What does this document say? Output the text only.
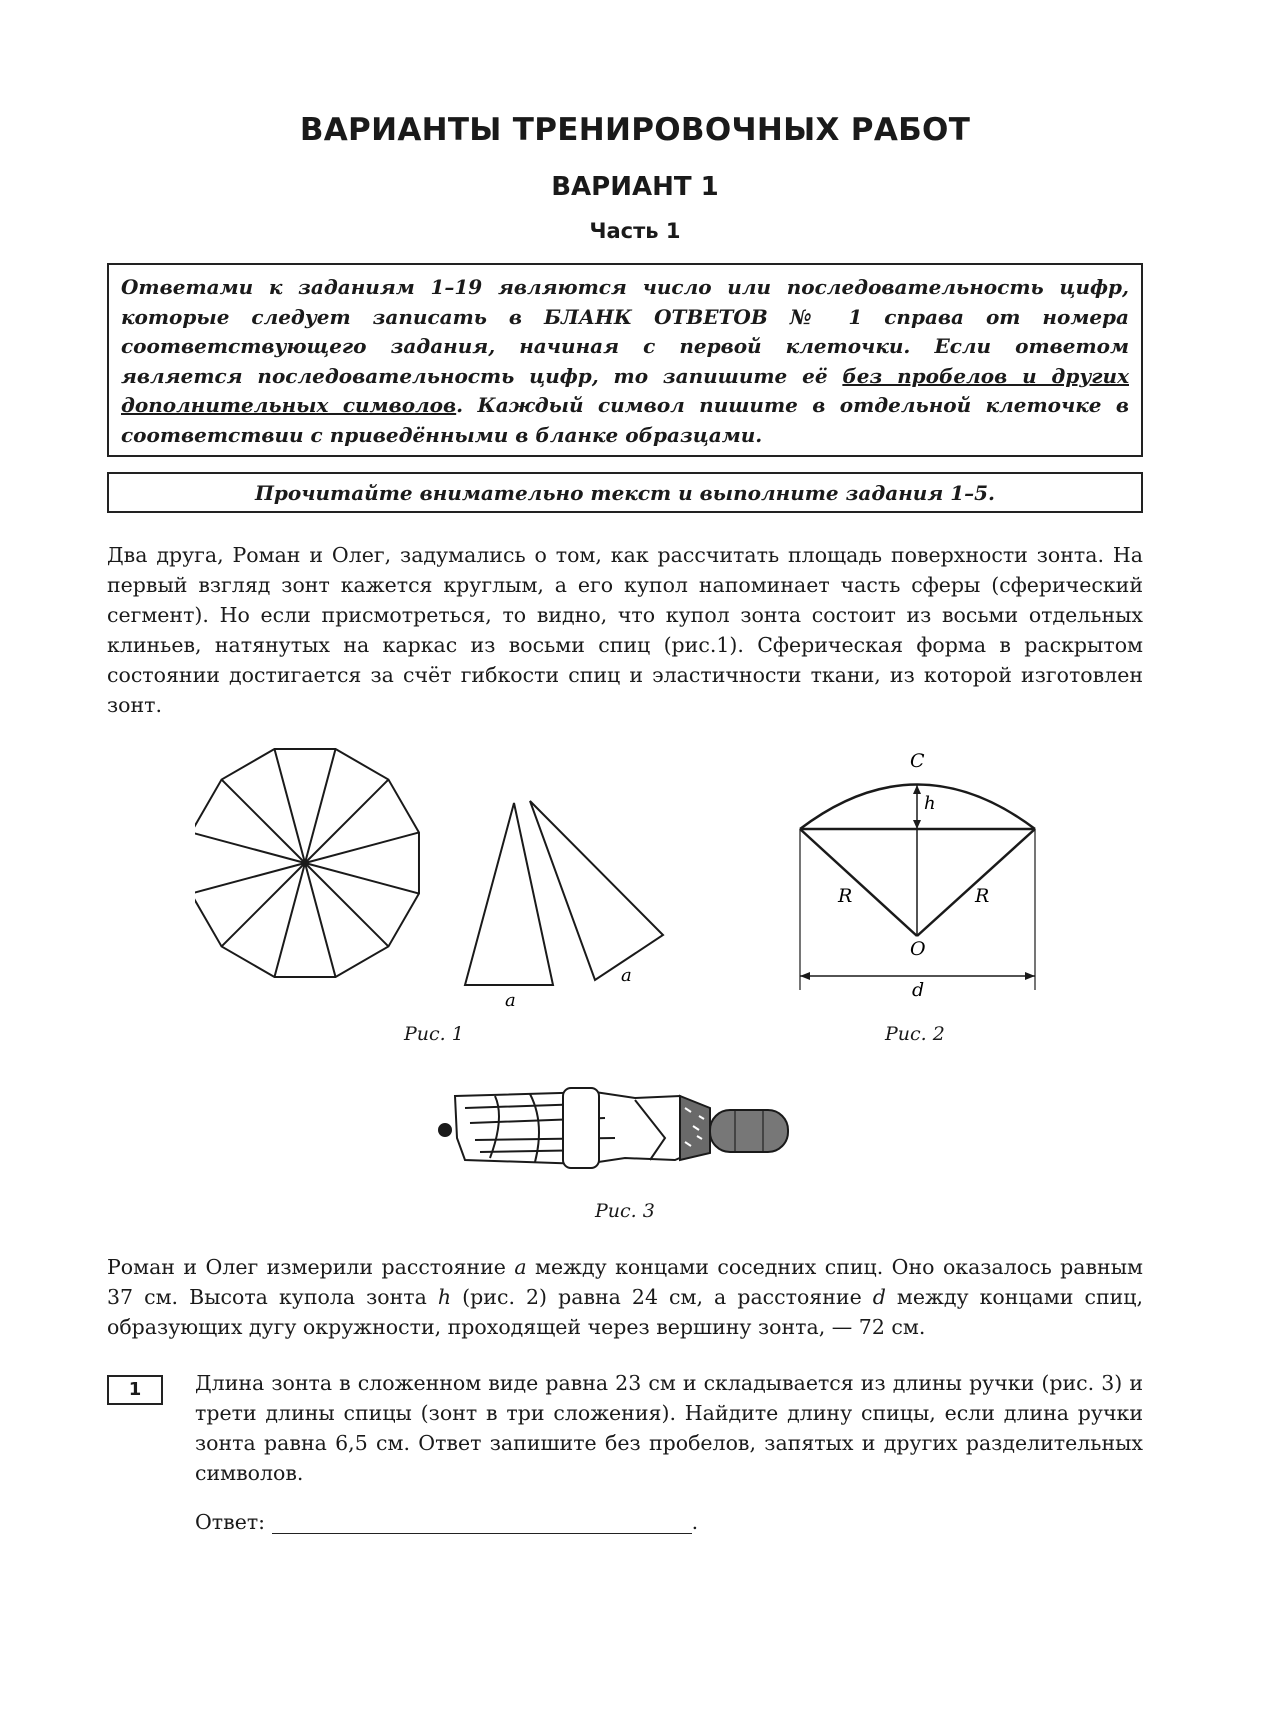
ВАРИАНТЫ ТРЕНИРОВОЧНЫХ РАБОТ
ВАРИАНТ 1
Часть 1

Ответами к заданиям 1–19 являются число или последовательность цифр, которые следует записать в БЛАНК ОТВЕТОВ № 1 справа от номера соответствующего задания, начиная с первой клеточки. Если ответом является последовательность цифр, то запишите её без пробелов и других дополнительных символов. Каждый символ пишите в отдельной клеточке в соответствии с приведёнными в бланке образцами.

Прочитайте внимательно текст и выполните задания 1–5.

Два друга, Роман и Олег, задумались о том, как рассчитать площадь поверхности зонта. На первый взгляд зонт кажется круглым, а его купол напоминает часть сферы (сферический сегмент). Но если присмотреться, то видно, что купол зонта состоит из восьми отдельных клиньев, натянутых на каркас из восьми спиц (рис.1). Сферическая форма в раскрытом состоянии достигается за счёт гибкости спиц и эластичности ткани, из которой изготовлен зонт.

a
a
Рис. 1
C
h
R	R
O
d
Рис. 2
Рис. 3

Роман и Олег измерили расстояние a между концами соседних спиц. Оно оказалось равным 37 см. Высота купола зонта h (рис. 2) равна 24 см, а расстояние d между концами спиц, образующих дугу окружности, проходящей через вершину зонта, — 72 см.

1	Длина зонта в сложенном виде равна 23 см и складывается из длины ручки (рис. 3) и трети длины спицы (зонт в три сложения). Найдите длину спицы, если длина ручки зонта равна 6,5 см. Ответ запишите без пробелов, запятых и других разделительных символов.

Ответ:	.
